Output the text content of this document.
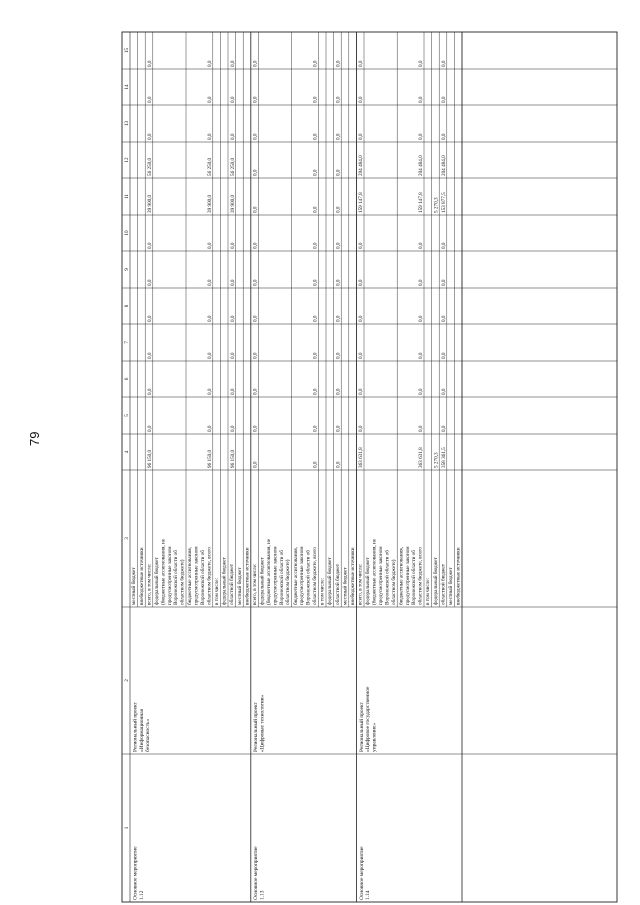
79
1
2
3
4
5
6
7
8
9
10
11
12
13
14
15
местный бюджет внебюджетные источники всего, в том числе:
96 150,0
0,0
0,0
0,0
0,0
0,0
0,0
39 900,0
56 250,0
0,0
0,0
0,0
федеральный бюджет (бюджетные ассигнования, не предусмотренные законом Воронежской области об областном бюджете) бюджетные ассигнования, предусмотренные законом Воронежской области об областном бюджете, всего
96 150,0
0,0
0,0
0,0
0,0
0,0
0,0
39 900,0
56 250,0
0,0
0,0
0,0
в том числе: федеральный бюджет областной бюджет
96 150,0
0,0
0,0
0,0
0,0
0,0
0,0
39 900,0
56 250,0
0,0
0,0
0,0
местный бюджет внебюджетные источники
Основное мероприятие 1.12
Региональный проект «Информационная безопасность»
всего, в том числе:
0,0
0,0
0,0
0,0
0,0
0,0
0,0
0,0
0,0
0,0
0,0
0,0
федеральный бюджет (бюджетные ассигнования, не предусмотренные законом Воронежской области об областном бюджете) бюджетные ассигнования, предусмотренные законом Воронежской области об областном бюджете, всего
0,0
0,0
0,0
0,0
0,0
0,0
0,0
0,0
0,0
0,0
0,0
0,0
в том числе: федеральный бюджет областной бюджет
0,0
0,0
0,0
0,0
0,0
0,0
0,0
0,0
0,0
0,0
0,0
0,0
местный бюджет внебюджетные источники
Основное мероприятие 1.13
Региональный проект «Цифровые технологии»
всего, в том числе:
363 631,8
0,0
0,0
0,0
0,0
0,0
0,0
159 147,8
204 484,0
0,0
0,0
0,0
федеральный бюджет (бюджетные ассигнования, не предусмотренные законом Воронежской области об областном бюджете) бюджетные ассигнования, предусмотренные законом Воронежской области об областном бюджете, всего
363 631,8
0,0
0,0
0,0
0,0
0,0
0,0
159 147,8
204 484,0
0,0
0,0
0,0
в том числе: федеральный бюджет
5 270,3
5 270,3
областной бюджет
358 361,5
0,0
0,0
0,0
0,0
0,0
0,0
153 877,5
204 484,0
0,0
0,0
0,0
местный бюджет внебюджетные источники
Основное мероприятие 1.14
Региональный проект «Цифровое государственное управление»
